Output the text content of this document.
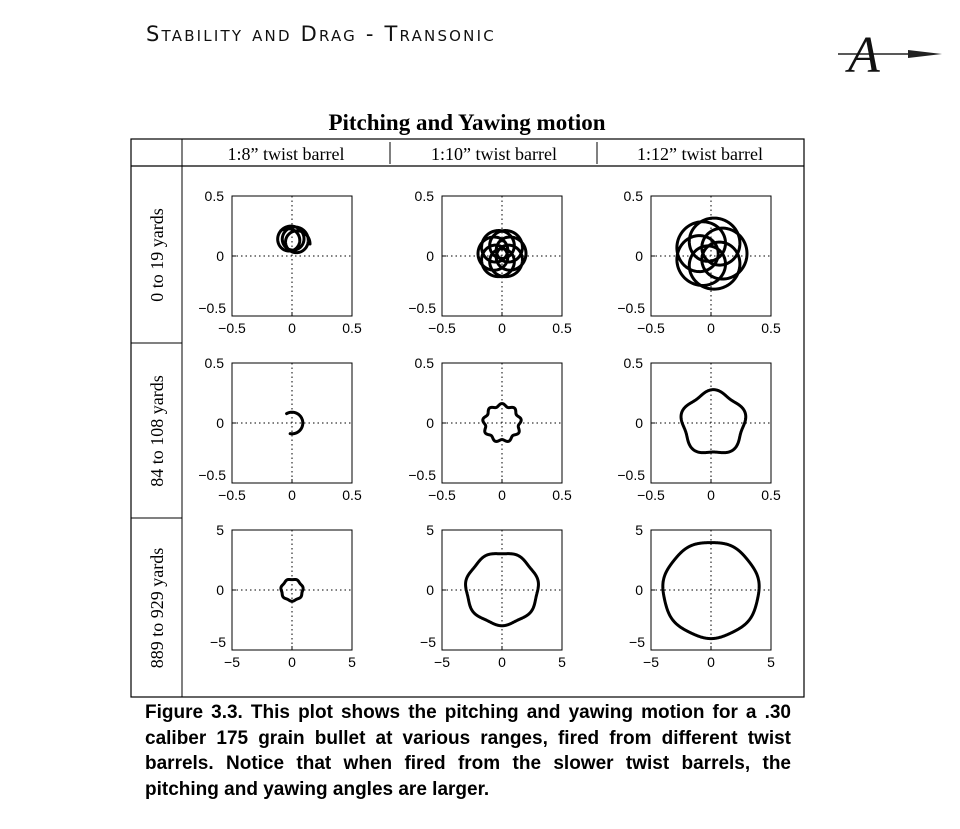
Stability and Drag - Transonic	A
Pitching and Yawing motion
1:8” twist barrel	1:10” twist barrel	1:12” twist barrel
0 to 19 yards
84 to 108 yards
889 to 929 yards
0.5
0
−0.5
−0.5	0	0.5
0.5
0
−0.5
−0.5	0	0.5
0.5
0
−0.5
−0.5	0	0.5
0.5
0
−0.5
−0.5	0	0.5
0.5
0
−0.5
−0.5	0	0.5
0.5
0
−0.5
−0.5	0	0.5
5
0
−5
−5	0	5
5
0
−5
−5	0	5
5
0
−5
−5	0	5
Figure 3.3. This plot shows the pitching and yawing motion for a .30 caliber 175 grain bullet at various ranges, fired from different twist barrels. Notice that when fired from the slower twist barrels, the pitching and yawing angles are larger.
